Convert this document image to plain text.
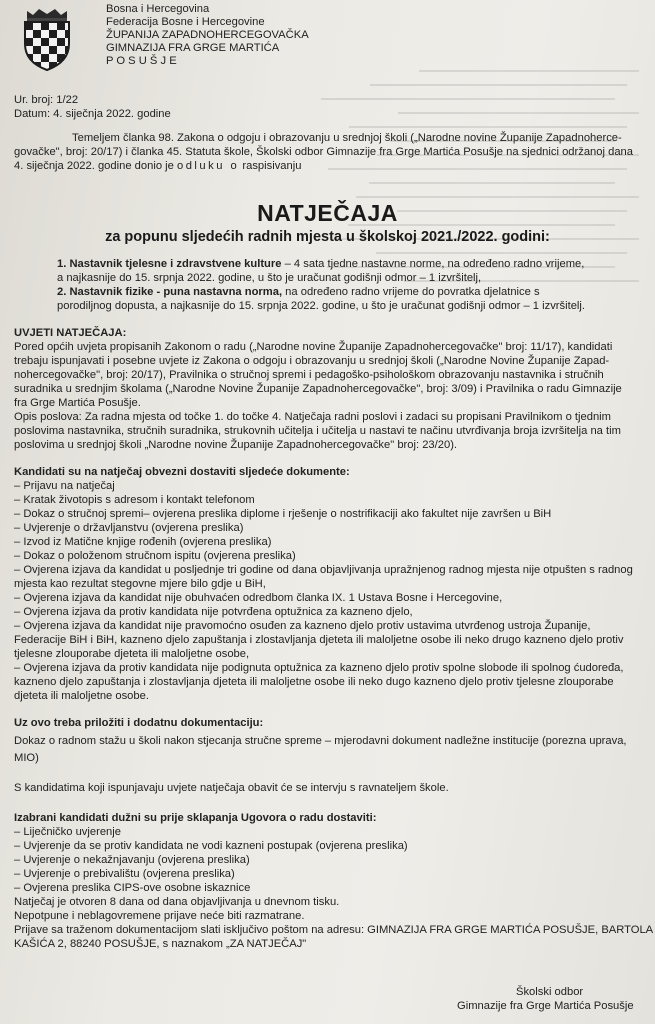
Bosna i Hercegovina
Federacija Bosne i Hercegovine
ŽUPANIJA ZAPADNOHERCEGOVAČKA
GIMNAZIJA FRA GRGE MARTIĆA
P O S U Š J E
Ur. broj: 1/22
Datum: 4. siječnja 2022. godine
Temeljem članka 98. Zakona o odgoju i obrazovanju u srednjoj školi („Narodne novine Županije Zapadnoherce-
govačke", broj: 20/17) i članka 45. Statuta škole, Školski odbor Gimnazije fra Grge Martića Posušje na sjednici održanoj dana
4. siječnja 2022. godine donio je odluku o raspisivanju
NATJEČAJA
za popunu sljedećih radnih mjesta u školskoj 2021./2022. godini:
1. Nastavnik tjelesne i zdravstvene kulture – 4 sata tjedne nastavne norme, na određeno radno vrijeme,
a najkasnije do 15. srpnja 2022. godine, u što je uračunat godišnji odmor – 1 izvršitelj,
2. Nastavnik fizike - puna nastavna norma, na određeno radno vrijeme do povratka djelatnice s
porodiljnog dopusta, a najkasnije do 15. srpnja 2022. godine, u što je uračunat godišnji odmor – 1 izvršitelj.
UVJETI NATJEČAJA:
Pored općih uvjeta propisanih Zakonom o radu („Narodne novine Županije Zapadnohercegovačke" broj: 11/17), kandidati
trebaju ispunjavati i posebne uvjete iz Zakona o odgoju i obrazovanju u srednjoj školi („Narodne Novine Županije Zapad-
nohercegovačke", broj: 20/17), Pravilnika o stručnoj spremi i pedagoško-psihološkom obrazovanju nastavnika i stručnih
suradnika u srednjim školama („Narodne Novine Županije Zapadnohercegovačke", broj: 3/09) i Pravilnika o radu Gimnazije
fra Grge Martića Posušje.
Opis poslova: Za radna mjesta od točke 1. do točke 4. Natječaja radni poslovi i zadaci su propisani Pravilnikom o tjednim
poslovima nastavnika, stručnih suradnika, strukovnih učitelja i učitelja u nastavi te načinu utvrđivanja broja izvršitelja na tim
poslovima u srednjoj školi „Narodne novine Županije Zapadnohercegovačke" broj: 23/20).
Kandidati su na natječaj obvezni dostaviti sljedeće dokumente:
– Prijavu na natječaj
– Kratak životopis s adresom i kontakt telefonom
– Dokaz o stručnoj spremi– ovjerena preslika diplome i rješenje o nostrifikaciji ako fakultet nije završen u BiH
– Uvjerenje o državljanstvu (ovjerena preslika)
– Izvod iz Matične knjige rođenih (ovjerena preslika)
– Dokaz o položenom stručnom ispitu (ovjerena preslika)
– Ovjerena izjava da kandidat u posljednje tri godine od dana objavljivanja upražnjenog radnog mjesta nije otpušten s radnog
mjesta kao rezultat stegovne mjere bilo gdje u BiH,
– Ovjerena izjava da kandidat nije obuhvaćen odredbom članka IX. 1 Ustava Bosne i Hercegovine,
– Ovjerena izjava da protiv kandidata nije potvrđena optužnica za kazneno djelo,
– Ovjerena izjava da kandidat nije pravomoćno osuđen za kazneno djelo protiv ustavima utvrđenog ustroja Županije,
Federacije BiH i BiH, kazneno djelo zapuštanja i zlostavljanja djeteta ili maloljetne osobe ili neko drugo kazneno djelo protiv
tjelesne zlouporabe djeteta ili maloljetne osobe,
– Ovjerena izjava da protiv kandidata nije podignuta optužnica za kazneno djelo protiv spolne slobode ili spolnog ćudoređa,
kazneno djelo zapuštanja i zlostavljanja djeteta ili maloljetne osobe ili neko dugo kazneno djelo protiv tjelesne zlouporabe
djeteta ili maloljetne osobe.
Uz ovo treba priložiti i dodatnu dokumentaciju:
Dokaz o radnom stažu u školi nakon stjecanja stručne spreme – mjerodavni dokument nadležne institucije (porezna uprava,
MIO)
S kandidatima koji ispunjavaju uvjete natječaja obavit će se intervju s ravnateljem škole.
Izabrani kandidati dužni su prije sklapanja Ugovora o radu dostaviti:
– Liječničko uvjerenje
– Uvjerenje da se protiv kandidata ne vodi kazneni postupak (ovjerena preslika)
– Uvjerenje o nekažnjavanju (ovjerena preslika)
– Uvjerenje o prebivalištu (ovjerena preslika)
– Ovjerena preslika CIPS-ove osobne iskaznice
Natječaj je otvoren 8 dana od dana objavljivanja u dnevnom tisku.
Nepotpune i neblagovremene prijave neće biti razmatrane.
Prijave sa traženom dokumentacijom slati isključivo poštom na adresu: GIMNAZIJA FRA GRGE MARTIĆA POSUŠJE, BARTOLA
KAŠIĆA 2, 88240 POSUŠJE, s naznakom „ZA NATJEČAJ"
Školski odbor
Gimnazije fra Grge Martića Posušje
